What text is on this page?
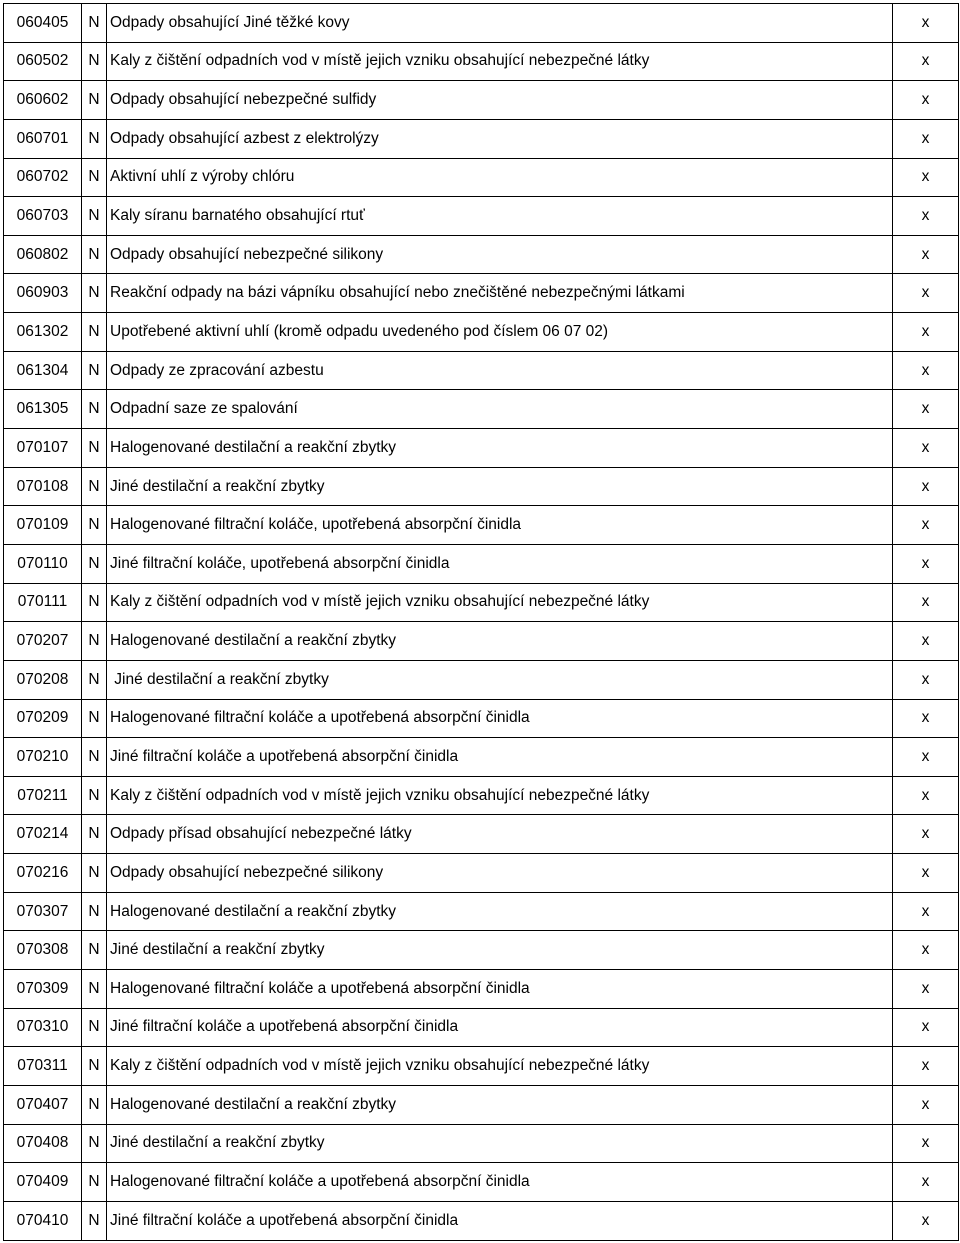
060405	N	Odpady obsahující Jiné těžké kovy	x
060502	N	Kaly z čištění odpadních vod v místě jejich vzniku obsahující nebezpečné látky	x
060602	N	Odpady obsahující nebezpečné sulfidy	x
060701	N	Odpady obsahující azbest z elektrolýzy	x
060702	N	Aktivní uhlí z výroby chlóru	x
060703	N	Kaly síranu barnatého obsahující rtuť	x
060802	N	Odpady obsahující nebezpečné silikony	x
060903	N	Reakční odpady na bázi vápníku obsahující nebo znečištěné nebezpečnými látkami	x
061302	N	Upotřebené aktivní uhlí (kromě odpadu uvedeného pod číslem 06 07 02)	x
061304	N	Odpady ze zpracování azbestu	x
061305	N	Odpadní saze ze spalování	x
070107	N	Halogenované destilační a reakční zbytky	x
070108	N	Jiné destilační a reakční zbytky	x
070109	N	Halogenované filtrační koláče, upotřebená absorpční činidla	x
070110	N	Jiné filtrační koláče, upotřebená absorpční činidla	x
070111	N	Kaly z čištění odpadních vod v místě jejich vzniku obsahující nebezpečné látky	x
070207	N	Halogenované destilační a reakční zbytky	x
070208	N	Jiné destilační a reakční zbytky	x
070209	N	Halogenované filtrační koláče a upotřebená absorpční činidla	x
070210	N	Jiné filtrační koláče a upotřebená absorpční činidla	x
070211	N	Kaly z čištění odpadních vod v místě jejich vzniku obsahující nebezpečné látky	x
070214	N	Odpady přísad obsahující nebezpečné látky	x
070216	N	Odpady obsahující nebezpečné silikony	x
070307	N	Halogenované destilační a reakční zbytky	x
070308	N	Jiné destilační a reakční zbytky	x
070309	N	Halogenované filtrační koláče a upotřebená absorpční činidla	x
070310	N	Jiné filtrační koláče a upotřebená absorpční činidla	x
070311	N	Kaly z čištění odpadních vod v místě jejich vzniku obsahující nebezpečné látky	x
070407	N	Halogenované destilační a reakční zbytky	x
070408	N	Jiné destilační a reakční zbytky	x
070409	N	Halogenované filtrační koláče a upotřebená absorpční činidla	x
070410	N	Jiné filtrační koláče a upotřebená absorpční činidla	x
